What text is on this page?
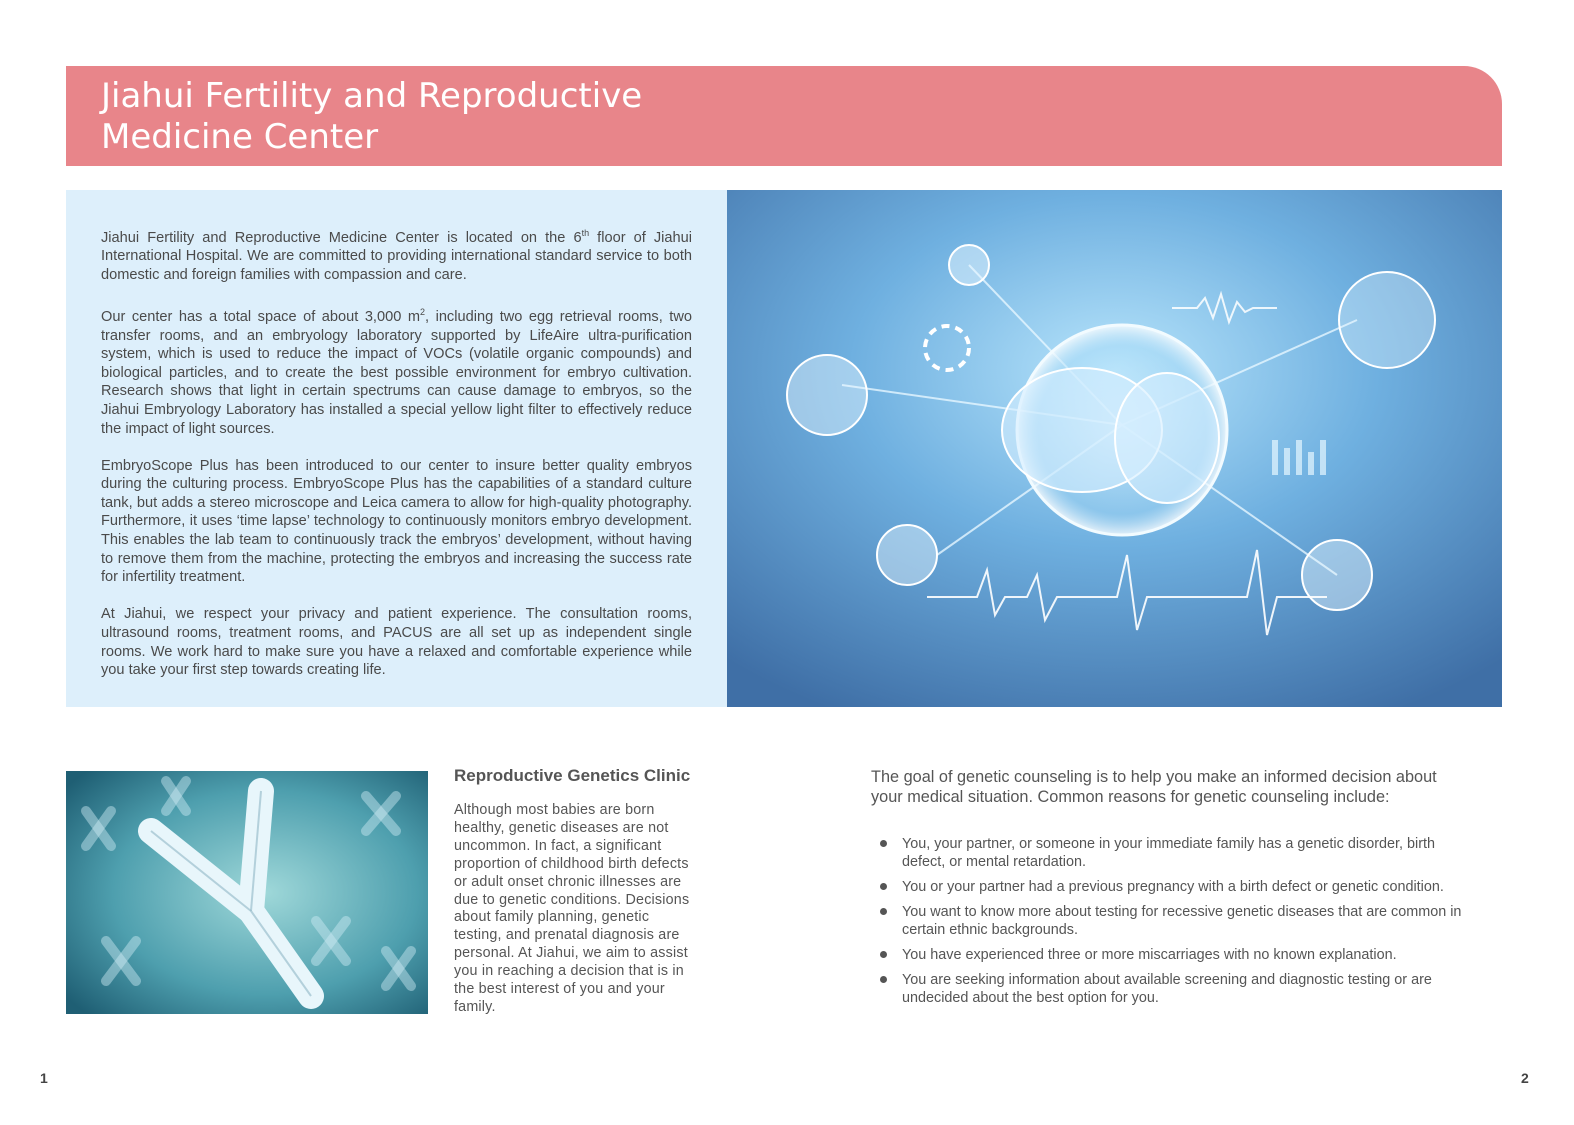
Jiahui Fertility and Reproductive
Medicine Center

Jiahui Fertility and Reproductive Medicine Center is located on the 6th floor of Jiahui International Hospital. We are committed to providing international standard service to both domestic and foreign families with compassion and care.

Our center has a total space of about 3,000 $m^2$, including two egg retrieval rooms, two transfer rooms, and an embryology laboratory supported by LifeAire ultra-purification system, which is used to reduce the impact of VOCs (volatile organic compounds) and biological particles, and to create the best possible environment for embryo cultivation. Research shows that light in certain spectrums can cause damage to embryos, so the Jiahui Embryology Laboratory has installed a special yellow light filter to effectively reduce the impact of light sources.

EmbryoScope Plus has been introduced to our center to insure better quality embryos during the culturing process. EmbryoScope Plus has the capabilities of a standard culture tank, but adds a stereo microscope and Leica camera to allow for high-quality photography. Furthermore, it uses ‘time lapse’ technology to continuously monitors embryo development. This enables the lab team to continuously track the embryos’ development, without having to remove them from the machine, protecting the embryos and increasing the success rate for infertility treatment.

At Jiahui, we respect your privacy and patient experience. The consultation rooms, ultrasound rooms, treatment rooms, and PACUS are all set up as independent single rooms. We work hard to make sure you have a relaxed and comfortable experience while you take your first step towards creating life.

Reproductive Genetics Clinic
Although most babies are born healthy, genetic diseases are not uncommon. In fact, a significant proportion of childhood birth defects or adult onset chronic illnesses are due to genetic conditions. Decisions about family planning, genetic testing, and prenatal diagnosis are personal. At Jiahui, we aim to assist you in reaching a decision that is in the best interest of you and your family.

The goal of genetic counseling is to help you make an informed decision about your medical situation. Common reasons for genetic counseling include:

You, your partner, or someone in your immediate family has a genetic disorder, birth defect, or mental retardation.
You or your partner had a previous pregnancy with a birth defect or genetic condition.
You want to know more about testing for recessive genetic diseases that are common in certain ethnic backgrounds.
You have experienced three or more miscarriages with no known explanation.
You are seeking information about available screening and diagnostic testing or are undecided about the best option for you.
1	2
